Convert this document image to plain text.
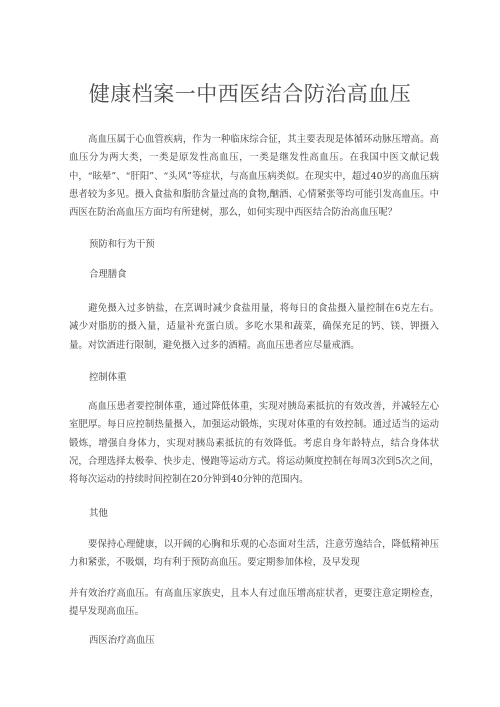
健康档案一中西医结合防治高血压

　　高血压属于心血管疾病，作为一种临床综合征，其主要表现是体循环动脉压增高。高血压分为两大类，一类是原发性高血压，一类是继发性高血压。在我国中医文献记载中，“眩晕”、“肝阳”、“头风”等症状，与高血压病类似。在现实中，超过40岁的高血压病患者较为多见。摄入食盐和脂肪含量过高的食物,酗酒、心情紧张等均可能引发高血压。中西医在防治高血压方面均有所建树，那么，如何实现中西医结合防治高血压呢？

预防和行为干预

合理膳食

　　避免摄入过多钠盐，在烹调时减少食盐用量，将每日的食盐摄入量控制在6克左右。减少对脂肪的摄入量，适量补充蛋白质。多吃水果和蔬菜，确保充足的钙、镁、钾摄入量。对饮酒进行限制，避免摄入过多的酒精。高血压患者应尽量戒酒。

控制体重

　　高血压患者要控制体重，通过降低体重，实现对胰岛素抵抗的有效改善，并减轻左心室肥厚。每日应控制热量摄入，加强运动锻炼，实现对体重的有效控制。通过适当的运动锻炼，增强自身体力，实现对胰岛素抵抗的有效降低。考虑自身年龄特点，结合身体状况，合理选择太极拳、快步走、慢跑等运动方式。将运动频度控制在每周3次到5次之间，将每次运动的持续时间控制在20分钟到40分钟的范围内。

其他

　　要保持心理健康，以开阔的心胸和乐观的心态面对生活，注意劳逸结合，降低精神压力和紧张，不吸烟，均有利于预防高血压。要定期参加体检，及早发现

并有效治疗高血压。有高血压家族史，且本人有过血压增高症状者，更要注意定期检查，提早发现高血压。

西医治疗高血压
